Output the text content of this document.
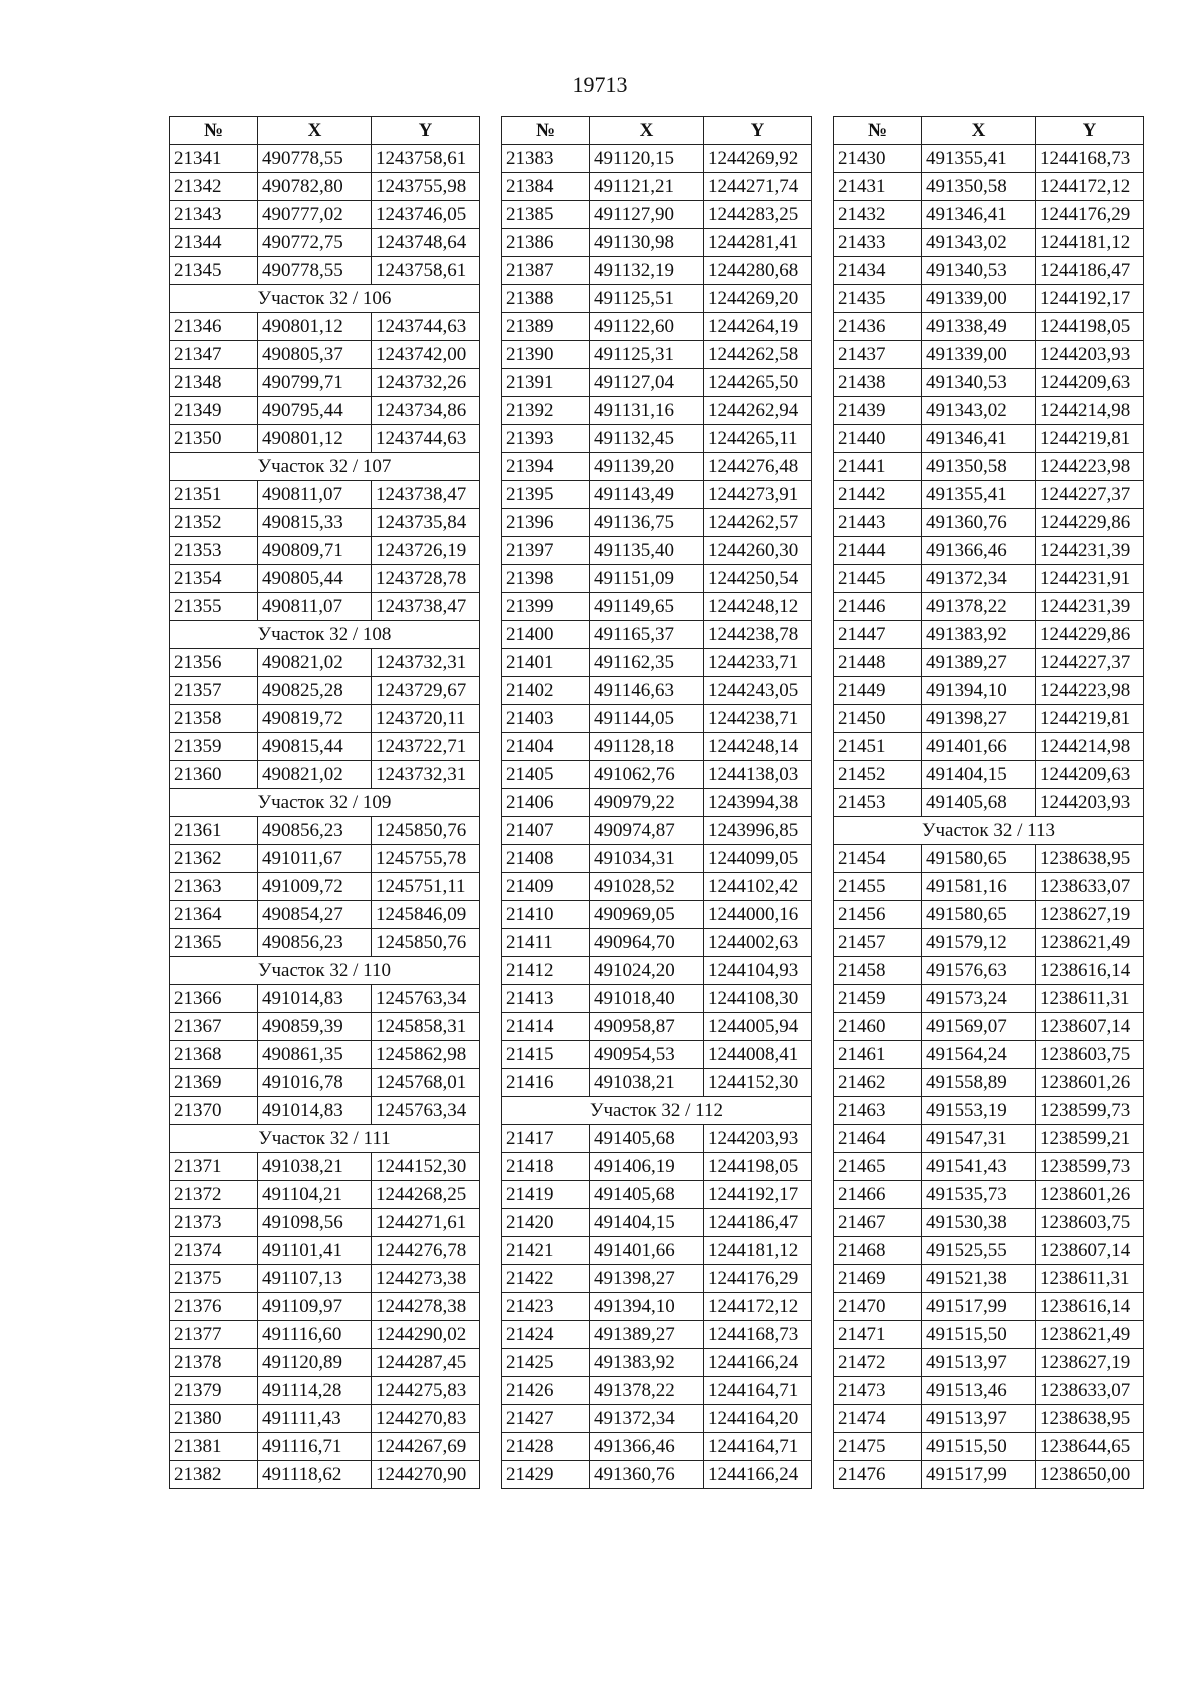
19713
№	X	Y
21341	490778,55	1243758,61
21342	490782,80	1243755,98
21343	490777,02	1243746,05
21344	490772,75	1243748,64
21345	490778,55	1243758,61
Участок 32 / 106		
21346	490801,12	1243744,63
21347	490805,37	1243742,00
21348	490799,71	1243732,26
21349	490795,44	1243734,86
21350	490801,12	1243744,63
Участок 32 / 107		
21351	490811,07	1243738,47
21352	490815,33	1243735,84
21353	490809,71	1243726,19
21354	490805,44	1243728,78
21355	490811,07	1243738,47
Участок 32 / 108		
21356	490821,02	1243732,31
21357	490825,28	1243729,67
21358	490819,72	1243720,11
21359	490815,44	1243722,71
21360	490821,02	1243732,31
Участок 32 / 109		
21361	490856,23	1245850,76
21362	491011,67	1245755,78
21363	491009,72	1245751,11
21364	490854,27	1245846,09
21365	490856,23	1245850,76
Участок 32 / 110		
21366	491014,83	1245763,34
21367	490859,39	1245858,31
21368	490861,35	1245862,98
21369	491016,78	1245768,01
21370	491014,83	1245763,34
Участок 32 / 111		
21371	491038,21	1244152,30
21372	491104,21	1244268,25
21373	491098,56	1244271,61
21374	491101,41	1244276,78
21375	491107,13	1244273,38
21376	491109,97	1244278,38
21377	491116,60	1244290,02
21378	491120,89	1244287,45
21379	491114,28	1244275,83
21380	491111,43	1244270,83
21381	491116,71	1244267,69
21382	491118,62	1244270,90
№	X	Y
21383	491120,15	1244269,92
21384	491121,21	1244271,74
21385	491127,90	1244283,25
21386	491130,98	1244281,41
21387	491132,19	1244280,68
21388	491125,51	1244269,20
21389	491122,60	1244264,19
21390	491125,31	1244262,58
21391	491127,04	1244265,50
21392	491131,16	1244262,94
21393	491132,45	1244265,11
21394	491139,20	1244276,48
21395	491143,49	1244273,91
21396	491136,75	1244262,57
21397	491135,40	1244260,30
21398	491151,09	1244250,54
21399	491149,65	1244248,12
21400	491165,37	1244238,78
21401	491162,35	1244233,71
21402	491146,63	1244243,05
21403	491144,05	1244238,71
21404	491128,18	1244248,14
21405	491062,76	1244138,03
21406	490979,22	1243994,38
21407	490974,87	1243996,85
21408	491034,31	1244099,05
21409	491028,52	1244102,42
21410	490969,05	1244000,16
21411	490964,70	1244002,63
21412	491024,20	1244104,93
21413	491018,40	1244108,30
21414	490958,87	1244005,94
21415	490954,53	1244008,41
21416	491038,21	1244152,30
Участок 32 / 112		
21417	491405,68	1244203,93
21418	491406,19	1244198,05
21419	491405,68	1244192,17
21420	491404,15	1244186,47
21421	491401,66	1244181,12
21422	491398,27	1244176,29
21423	491394,10	1244172,12
21424	491389,27	1244168,73
21425	491383,92	1244166,24
21426	491378,22	1244164,71
21427	491372,34	1244164,20
21428	491366,46	1244164,71
21429	491360,76	1244166,24
№	X	Y
21430	491355,41	1244168,73
21431	491350,58	1244172,12
21432	491346,41	1244176,29
21433	491343,02	1244181,12
21434	491340,53	1244186,47
21435	491339,00	1244192,17
21436	491338,49	1244198,05
21437	491339,00	1244203,93
21438	491340,53	1244209,63
21439	491343,02	1244214,98
21440	491346,41	1244219,81
21441	491350,58	1244223,98
21442	491355,41	1244227,37
21443	491360,76	1244229,86
21444	491366,46	1244231,39
21445	491372,34	1244231,91
21446	491378,22	1244231,39
21447	491383,92	1244229,86
21448	491389,27	1244227,37
21449	491394,10	1244223,98
21450	491398,27	1244219,81
21451	491401,66	1244214,98
21452	491404,15	1244209,63
21453	491405,68	1244203,93
Участок 32 / 113		
21454	491580,65	1238638,95
21455	491581,16	1238633,07
21456	491580,65	1238627,19
21457	491579,12	1238621,49
21458	491576,63	1238616,14
21459	491573,24	1238611,31
21460	491569,07	1238607,14
21461	491564,24	1238603,75
21462	491558,89	1238601,26
21463	491553,19	1238599,73
21464	491547,31	1238599,21
21465	491541,43	1238599,73
21466	491535,73	1238601,26
21467	491530,38	1238603,75
21468	491525,55	1238607,14
21469	491521,38	1238611,31
21470	491517,99	1238616,14
21471	491515,50	1238621,49
21472	491513,97	1238627,19
21473	491513,46	1238633,07
21474	491513,97	1238638,95
21475	491515,50	1238644,65
21476	491517,99	1238650,00
